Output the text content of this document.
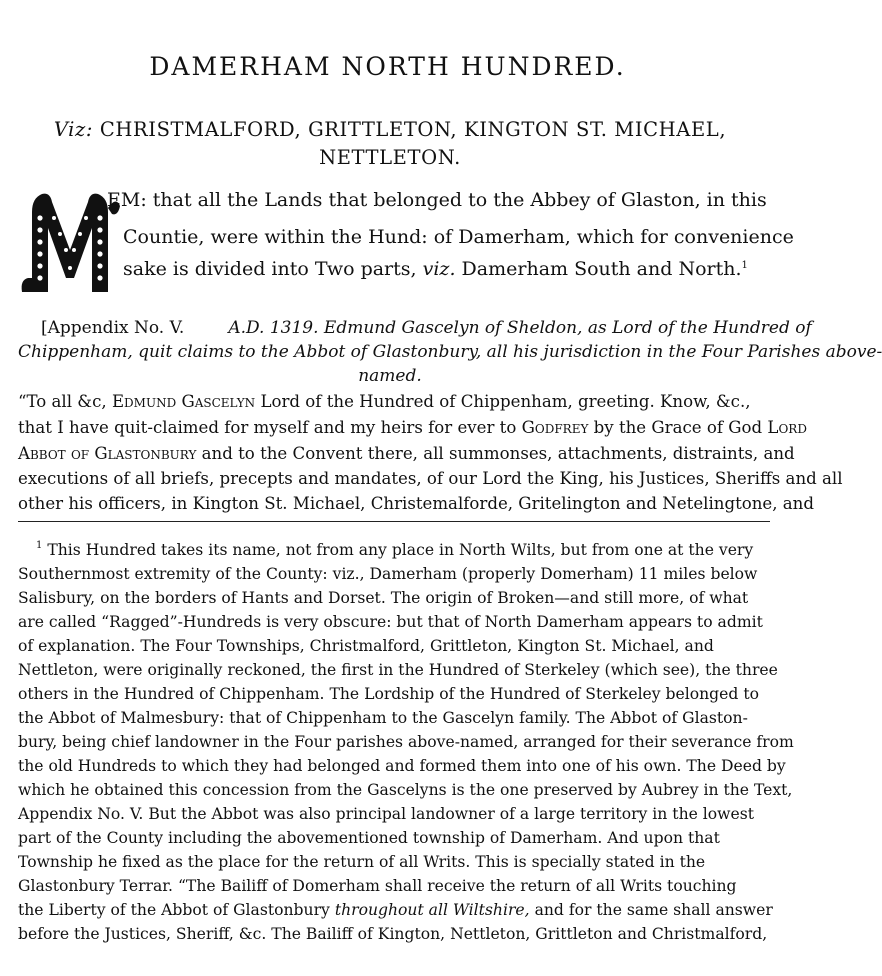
DAMERHAM NORTH HUNDRED.
Viz: CHRISTMALFORD, GRITTLETON, KINGTON ST. MICHAEL,
NETTLETON.
M
EM: that all the Lands that belonged to the Abbey of Glaston, in this
Countie, were within the Hund: of Damerham, which for convenience
sake is divided into Two parts, viz. Damerham South and North.$^1$
[Appendix No. V.	A.D. 1319. Edmund Gascelyn of Sheldon, as Lord of the Hundred of
Chippenham, quit claims to the Abbot of Glastonbury, all his jurisdiction in the Four Parishes above-
named.
“To all &c, Edmund Gascelyn Lord of the Hundred of Chippenham, greeting. Know, &c.,
that I have quit-claimed for myself and my heirs for ever to Godfrey by the Grace of God Lord
Abbot of Glastonbury and to the Convent there, all summonses, attachments, distraints, and
executions of all briefs, precepts and mandates, of our Lord the King, his Justices, Sheriffs and all
other his officers, in Kington St. Michael, Christemalforde, Gritelington and Netelingtone, and
$^1$ This Hundred takes its name, not from any place in North Wilts, but from one at the very
Southernmost extremity of the County: viz., Damerham (properly Domerham) 11 miles below
Salisbury, on the borders of Hants and Dorset. The origin of Broken—and still more, of what
are called “Ragged”-Hundreds is very obscure: but that of North Damerham appears to admit
of explanation. The Four Townships, Christmalford, Grittleton, Kington St. Michael, and
Nettleton, were originally reckoned, the first in the Hundred of Sterkeley (which see), the three
others in the Hundred of Chippenham. The Lordship of the Hundred of Sterkeley belonged to
the Abbot of Malmesbury: that of Chippenham to the Gascelyn family. The Abbot of Glaston-
bury, being chief landowner in the Four parishes above-named, arranged for their severance from
the old Hundreds to which they had belonged and formed them into one of his own. The Deed by
which he obtained this concession from the Gascelyns is the one preserved by Aubrey in the Text,
Appendix No. V. But the Abbot was also principal landowner of a large territory in the lowest
part of the County including the abovementioned township of Damerham. And upon that
Township he fixed as the place for the return of all Writs. This is specially stated in the
Glastonbury Terrar. “The Bailiff of Domerham shall receive the return of all Writs touching
the Liberty of the Abbot of Glastonbury throughout all Wiltshire, and for the same shall answer
before the Justices, Sheriff, &c. The Bailiff of Kington, Nettleton, Grittleton and Christmalford,
